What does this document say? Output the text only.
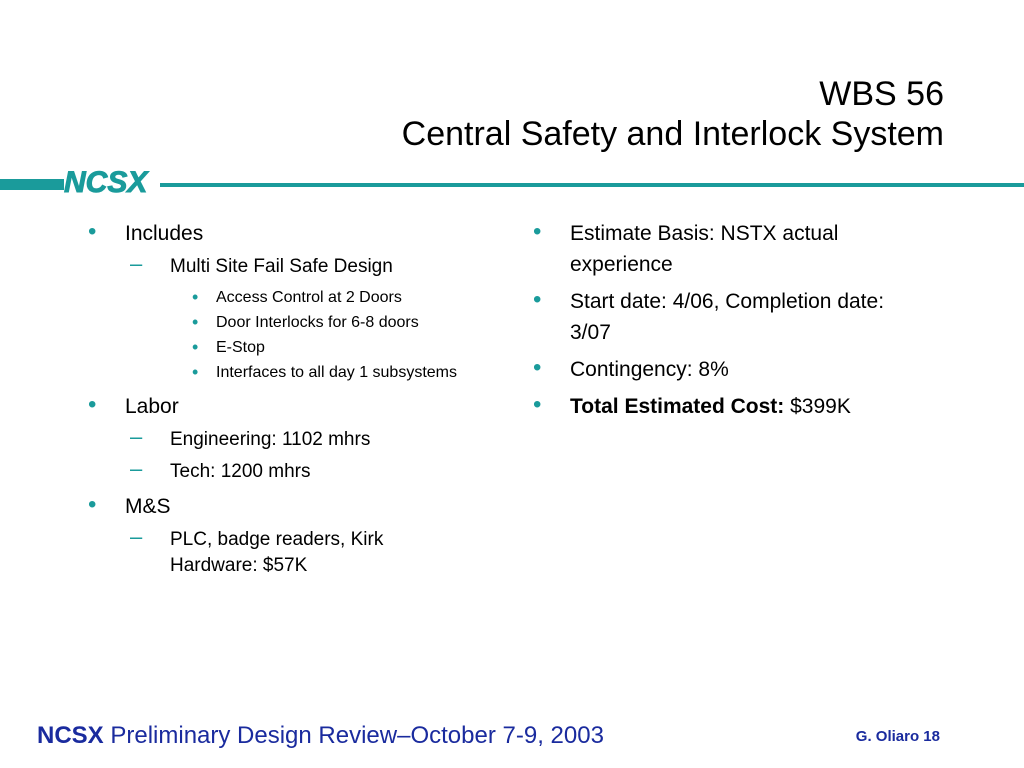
WBS 56
Central Safety and Interlock System
NCSX
• Includes
– Multi Site Fail Safe Design
• Access Control at 2 Doors
• Door Interlocks for 6-8 doors
• E-Stop
• Interfaces to all day 1 subsystems
• Labor
– Engineering: 1102 mhrs
– Tech: 1200 mhrs
• M&S
– PLC, badge readers, Kirk Hardware: $57K
• Estimate Basis: NSTX actual experience
• Start date: 4/06, Completion date: 3/07
• Contingency: 8%
• Total Estimated Cost: $399K
NCSX Preliminary Design Review–October 7-9, 2003	G. Oliaro 18
